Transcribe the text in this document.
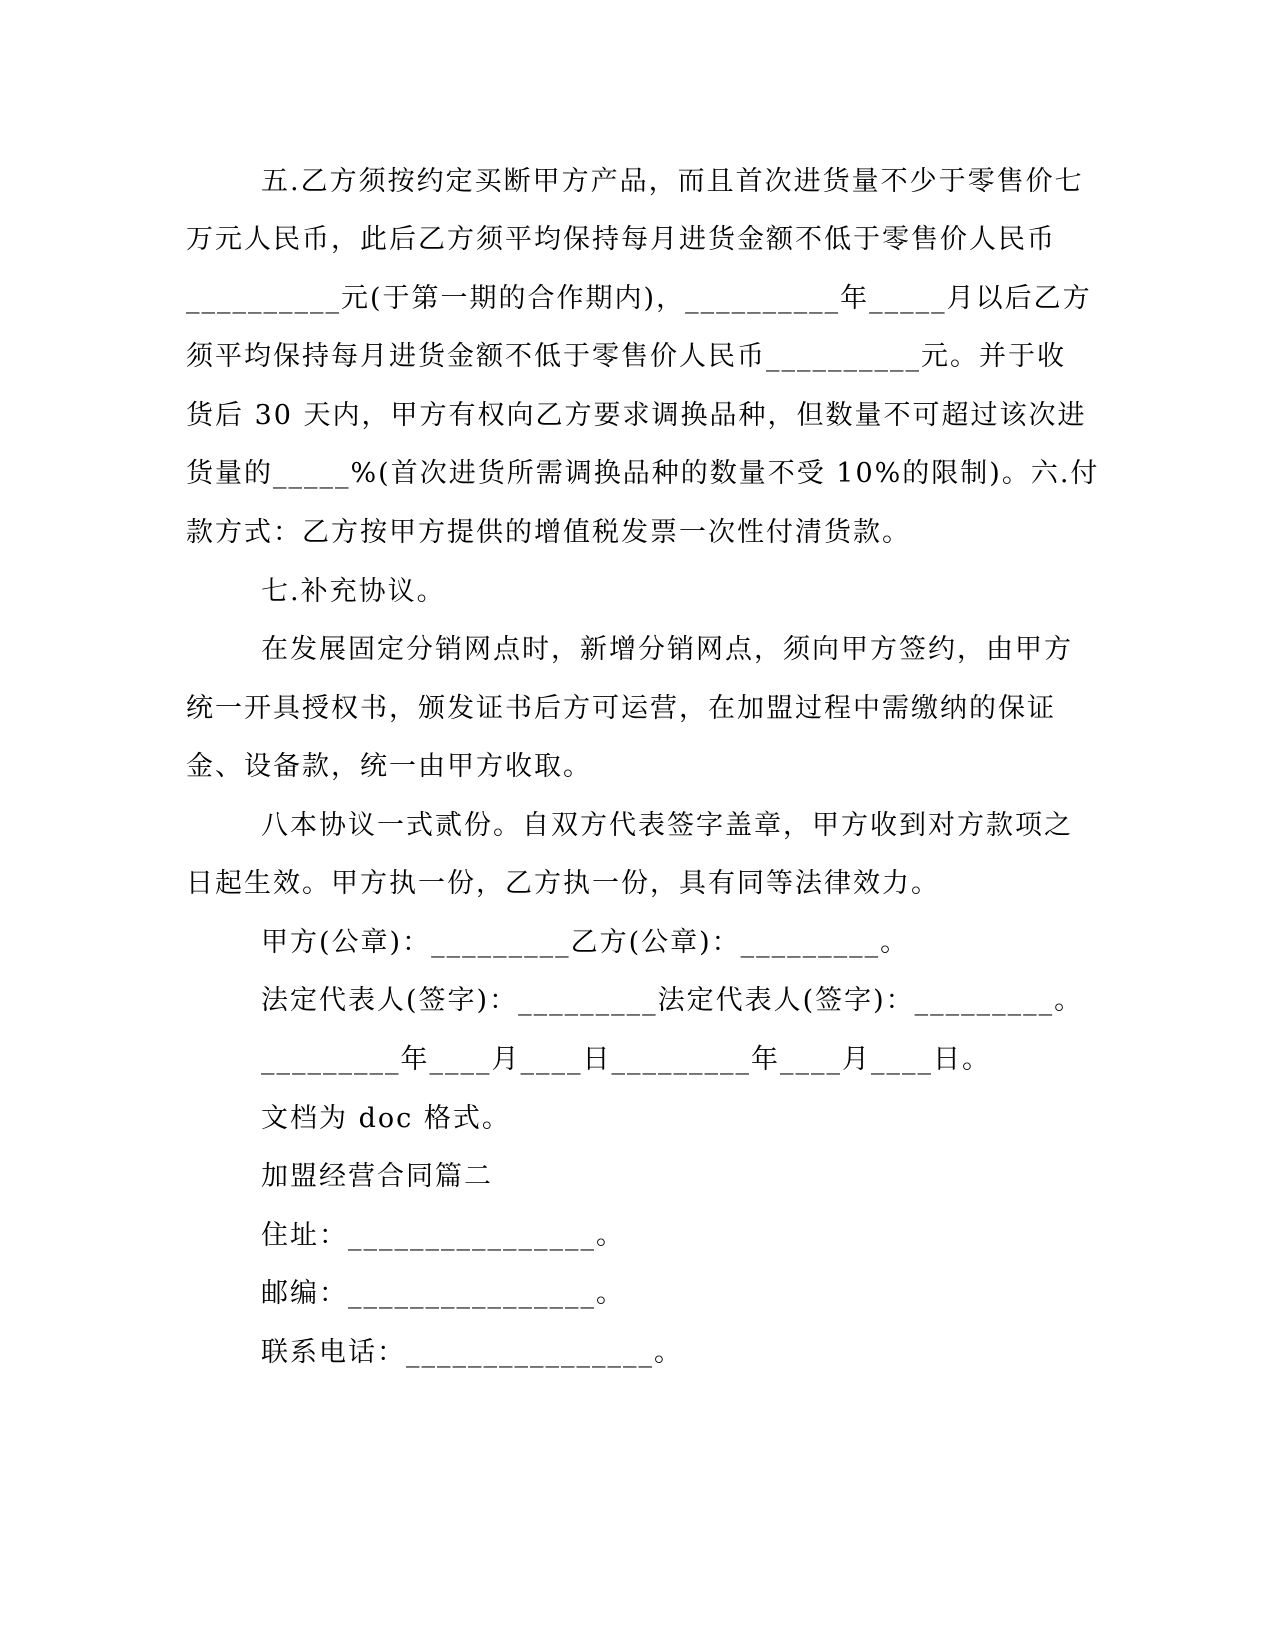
五.乙方须按约定买断甲方产品，而且首次进货量不少于零售价七
万元人民币，此后乙方须平均保持每月进货金额不低于零售价人民币
__________元(于第一期的合作期内)，__________年_____月以后乙方
须平均保持每月进货金额不低于零售价人民币__________元。并于收
货后 30 天内，甲方有权向乙方要求调换品种，但数量不可超过该次进
货量的_____%(首次进货所需调换品种的数量不受 10%的限制)。六.付
款方式：乙方按甲方提供的增值税发票一次性付清货款。
七.补充协议。
在发展固定分销网点时，新增分销网点，须向甲方签约，由甲方
统一开具授权书，颁发证书后方可运营，在加盟过程中需缴纳的保证
金、设备款，统一由甲方收取。
八本协议一式贰份。自双方代表签字盖章，甲方收到对方款项之
日起生效。甲方执一份，乙方执一份，具有同等法律效力。
甲方(公章)：_________乙方(公章)：_________。
法定代表人(签字)：_________法定代表人(签字)：_________。
_________年____月____日_________年____月____日。
文档为 doc 格式。
加盟经营合同篇二
住址：________________。
邮编：________________。
联系电话：________________。
